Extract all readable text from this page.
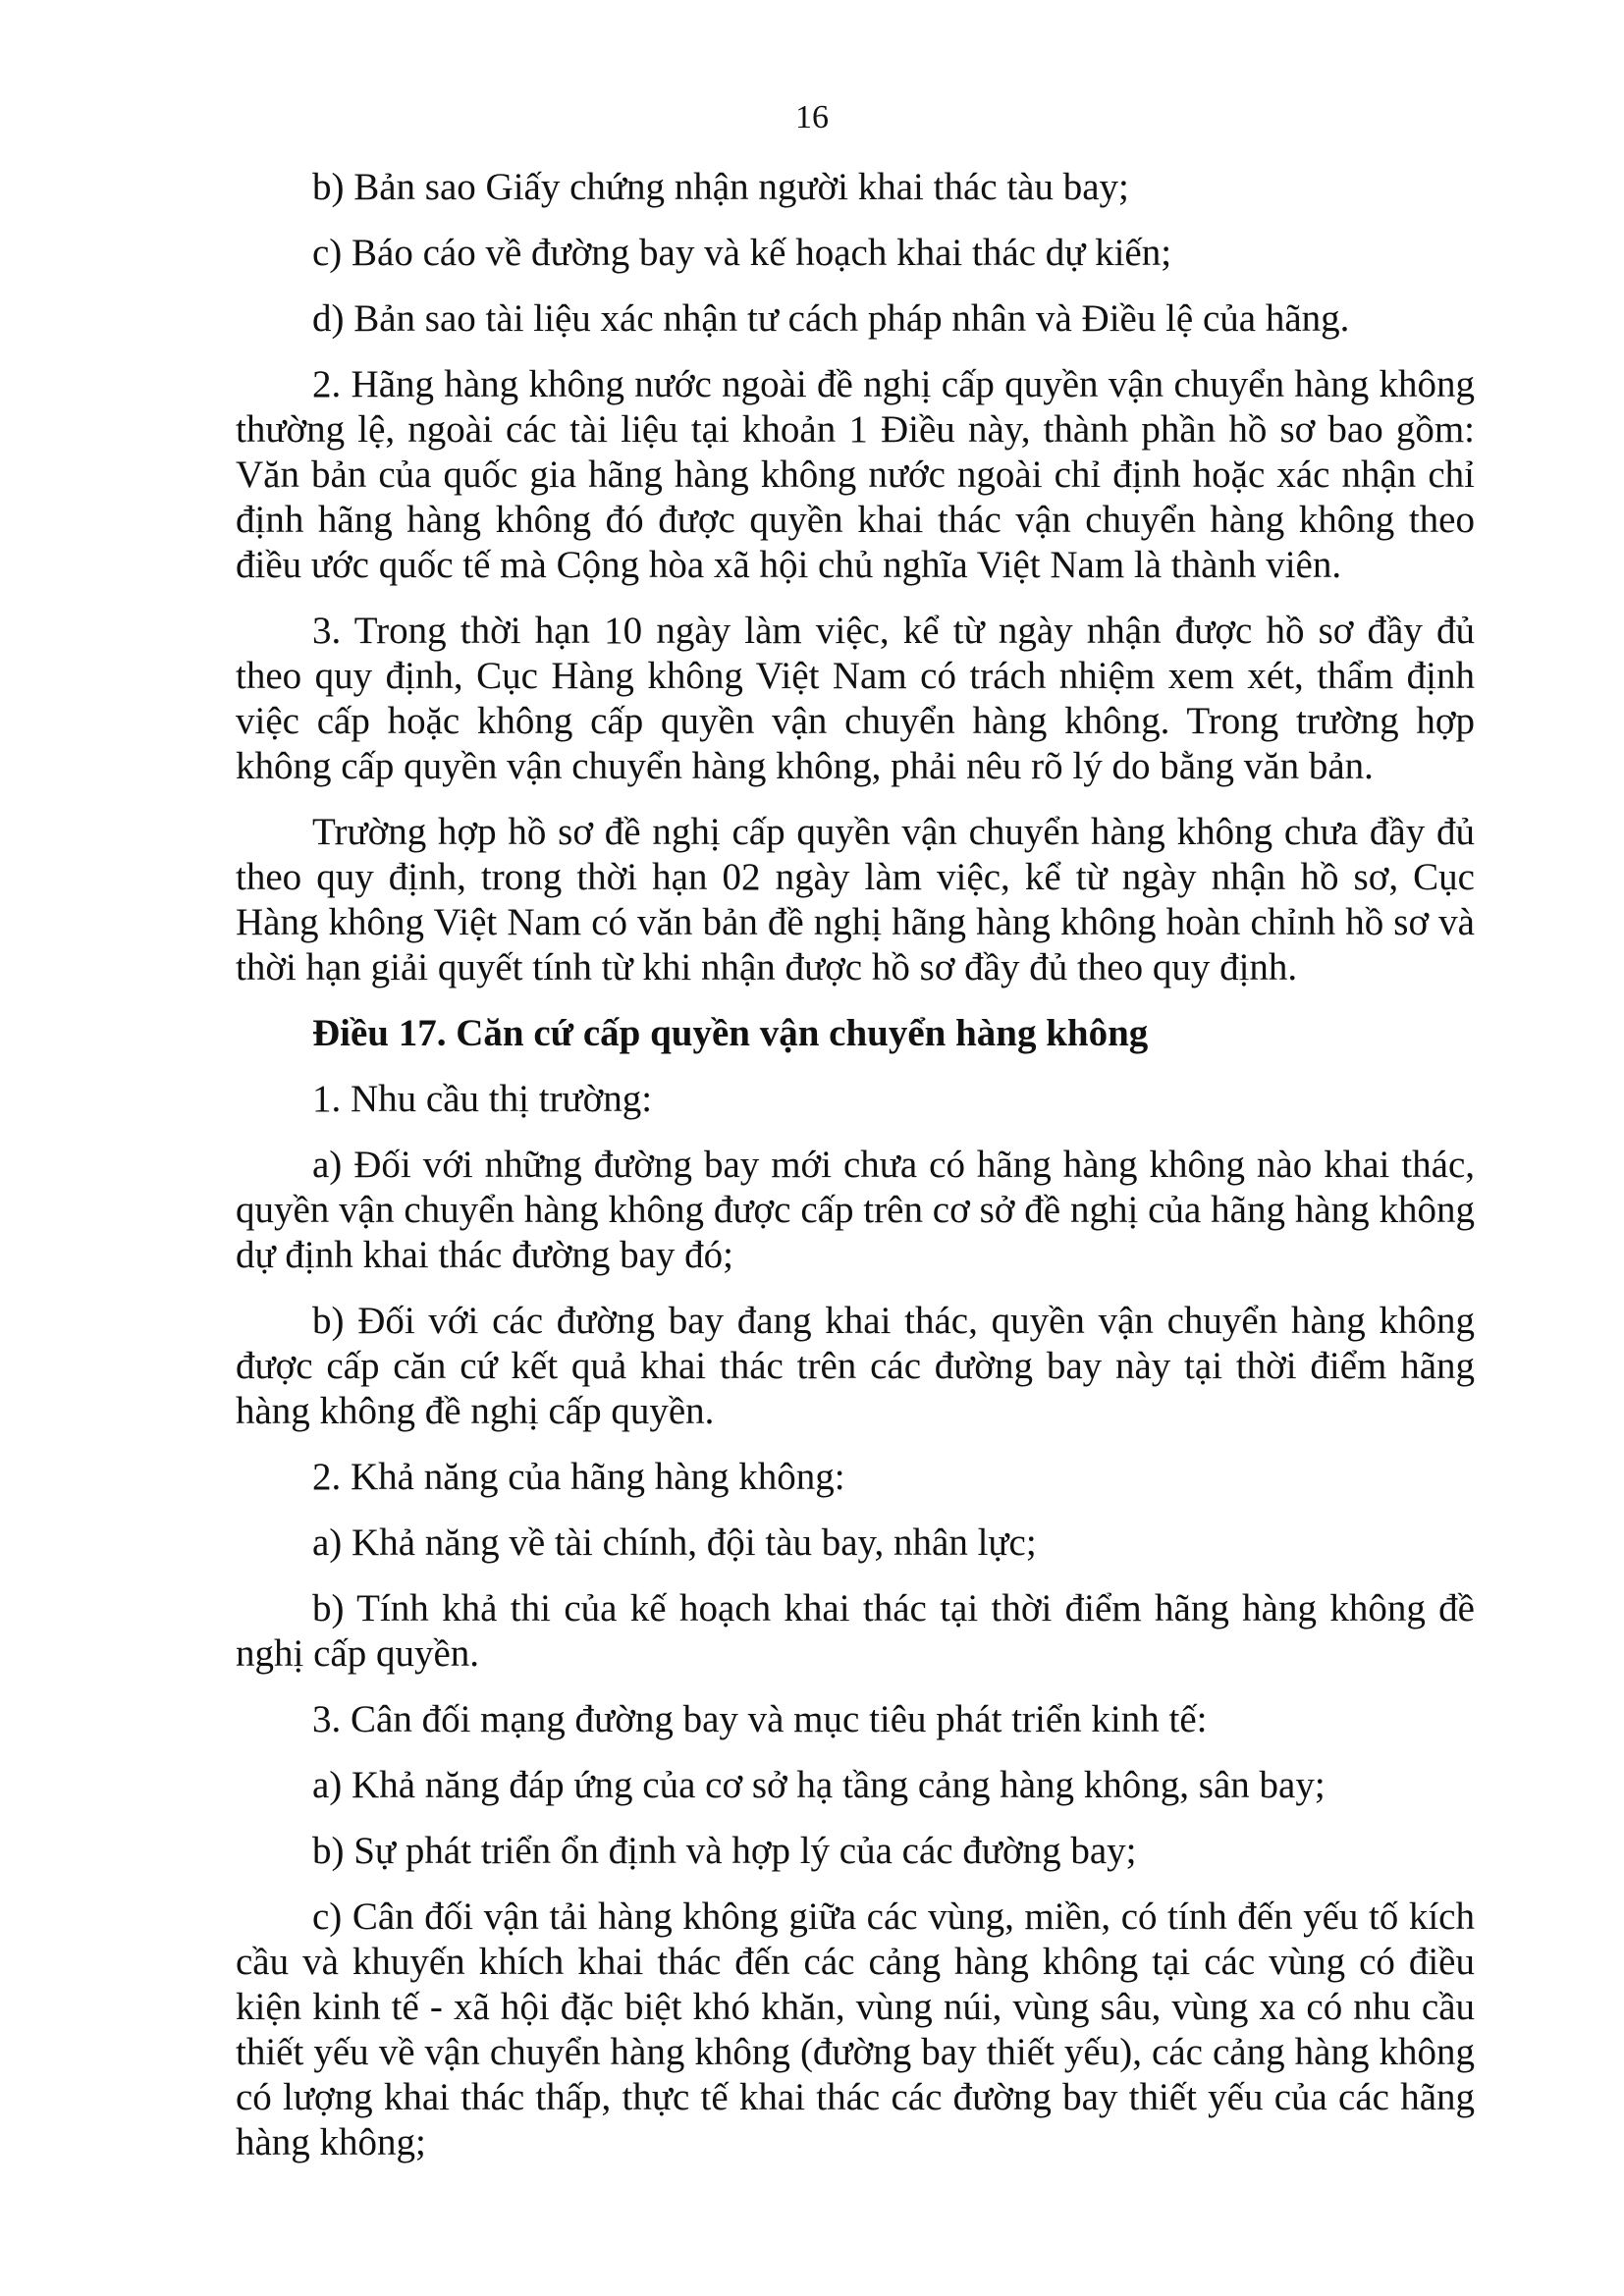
16

b) Bản sao Giấy chứng nhận người khai thác tàu bay;

c) Báo cáo về đường bay và kế hoạch khai thác dự kiến;

d) Bản sao tài liệu xác nhận tư cách pháp nhân và Điều lệ của hãng.

2. Hãng hàng không nước ngoài đề nghị cấp quyền vận chuyển hàng không thường lệ, ngoài các tài liệu tại khoản 1 Điều này, thành phần hồ sơ bao gồm: Văn bản của quốc gia hãng hàng không nước ngoài chỉ định hoặc xác nhận chỉ định hãng hàng không đó được quyền khai thác vận chuyển hàng không theo điều ước quốc tế mà Cộng hòa xã hội chủ nghĩa Việt Nam là thành viên.

3. Trong thời hạn 10 ngày làm việc, kể từ ngày nhận được hồ sơ đầy đủ theo quy định, Cục Hàng không Việt Nam có trách nhiệm xem xét, thẩm định việc cấp hoặc không cấp quyền vận chuyển hàng không. Trong trường hợp không cấp quyền vận chuyển hàng không, phải nêu rõ lý do bằng văn bản.

Trường hợp hồ sơ đề nghị cấp quyền vận chuyển hàng không chưa đầy đủ theo quy định, trong thời hạn 02 ngày làm việc, kể từ ngày nhận hồ sơ, Cục Hàng không Việt Nam có văn bản đề nghị hãng hàng không hoàn chỉnh hồ sơ và thời hạn giải quyết tính từ khi nhận được hồ sơ đầy đủ theo quy định.

Điều 17. Căn cứ cấp quyền vận chuyển hàng không

1. Nhu cầu thị trường:

a) Đối với những đường bay mới chưa có hãng hàng không nào khai thác, quyền vận chuyển hàng không được cấp trên cơ sở đề nghị của hãng hàng không dự định khai thác đường bay đó;

b) Đối với các đường bay đang khai thác, quyền vận chuyển hàng không được cấp căn cứ kết quả khai thác trên các đường bay này tại thời điểm hãng hàng không đề nghị cấp quyền.

2. Khả năng của hãng hàng không:

a) Khả năng về tài chính, đội tàu bay, nhân lực;

b) Tính khả thi của kế hoạch khai thác tại thời điểm hãng hàng không đề nghị cấp quyền.

3. Cân đối mạng đường bay và mục tiêu phát triển kinh tế:

a) Khả năng đáp ứng của cơ sở hạ tầng cảng hàng không, sân bay;

b) Sự phát triển ổn định và hợp lý của các đường bay;

c) Cân đối vận tải hàng không giữa các vùng, miền, có tính đến yếu tố kích cầu và khuyến khích khai thác đến các cảng hàng không tại các vùng có điều kiện kinh tế - xã hội đặc biệt khó khăn, vùng núi, vùng sâu, vùng xa có nhu cầu thiết yếu về vận chuyển hàng không (đường bay thiết yếu), các cảng hàng không có lượng khai thác thấp, thực tế khai thác các đường bay thiết yếu của các hãng hàng không;
